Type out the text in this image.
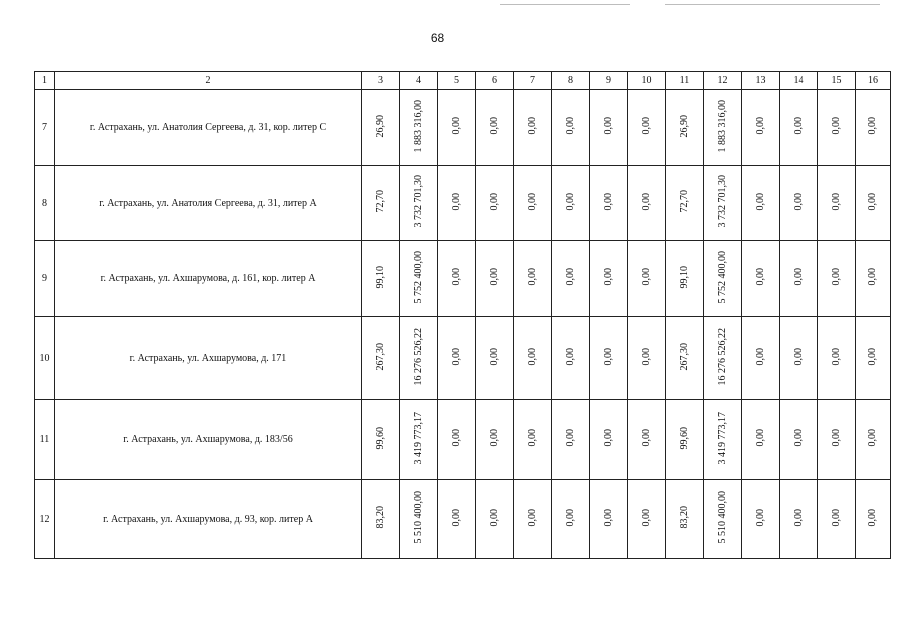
68
1	2	3	4	5	6	7	8	9	10	11	12	13	14	15	16
7	г. Астрахань, ул. Анатолия Сергеева, д. 31, кор. литер С	26,90	1 883 316,00	0,00	0,00	0,00	0,00	0,00	0,00	26,90	1 883 316,00	0,00	0,00	0,00	0,00
8	г. Астрахань, ул. Анатолия Сергеева, д. 31, литер А	72,70	3 732 701,30	0,00	0,00	0,00	0,00	0,00	0,00	72,70	3 732 701,30	0,00	0,00	0,00	0,00
9	г. Астрахань, ул. Ахшарумова, д. 161, кор. литер А	99,10	5 752 400,00	0,00	0,00	0,00	0,00	0,00	0,00	99,10	5 752 400,00	0,00	0,00	0,00	0,00
10	г. Астрахань, ул. Ахшарумова, д. 171	267,30	16 276 526,22	0,00	0,00	0,00	0,00	0,00	0,00	267,30	16 276 526,22	0,00	0,00	0,00	0,00
11	г. Астрахань, ул. Ахшарумова, д. 183/56	99,60	3 419 773,17	0,00	0,00	0,00	0,00	0,00	0,00	99,60	3 419 773,17	0,00	0,00	0,00	0,00
12	г. Астрахань, ул. Ахшарумова, д. 93, кор. литер А	83,20	5 510 400,00	0,00	0,00	0,00	0,00	0,00	0,00	83,20	5 510 400,00	0,00	0,00	0,00	0,00
